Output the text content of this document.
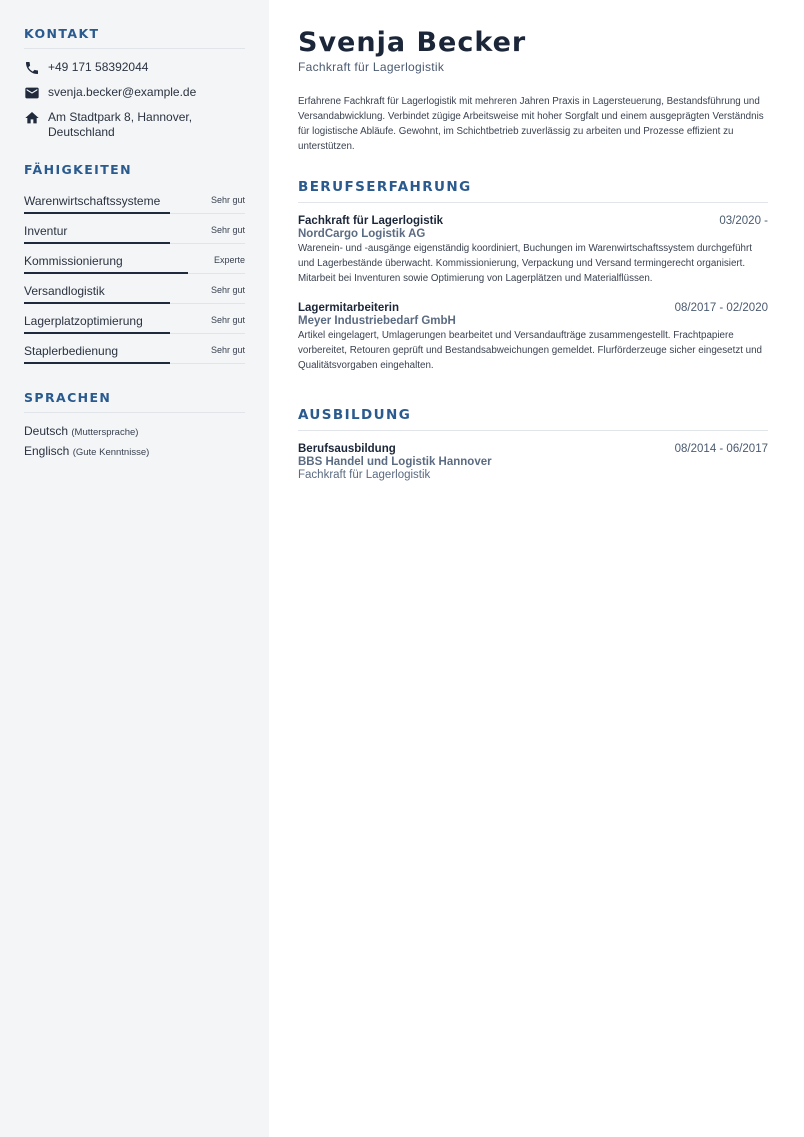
KONTAKT
+49 171 58392044
svenja.becker@example.de
Am Stadtpark 8, Hannover, Deutschland
FÄHIGKEITEN
Warenwirtschaftssysteme	Sehr gut
Inventur	Sehr gut
Kommissionierung	Experte
Versandlogistik	Sehr gut
Lagerplatzoptimierung	Sehr gut
Staplerbedienung	Sehr gut
SPRACHEN
Deutsch (Muttersprache)
Englisch (Gute Kenntnisse)
Svenja Becker
Fachkraft für Lagerlogistik

Erfahrene Fachkraft für Lagerlogistik mit mehreren Jahren Praxis in Lagersteuerung, Bestandsführung und Versandabwicklung. Verbindet zügige Arbeitsweise mit hoher Sorgfalt und einem ausgeprägten Verständnis für logistische Abläufe. Gewohnt, im Schichtbetrieb zuverlässig zu arbeiten und Prozesse effizient zu unterstützen.

BERUFSERFAHRUNG
Fachkraft für Lagerlogistik	03/2020 -
NordCargo Logistik AG

Warenein- und -ausgänge eigenständig koordiniert, Buchungen im Warenwirtschaftssystem durchgeführt und Lagerbestände überwacht. Kommissionierung, Verpackung und Versand termingerecht organisiert. Mitarbeit bei Inventuren sowie Optimierung von Lagerplätzen und Materialflüssen.

Lagermitarbeiterin	08/2017 - 02/2020
Meyer Industriebedarf GmbH

Artikel eingelagert, Umlagerungen bearbeitet und Versandaufträge zusammengestellt. Frachtpapiere vorbereitet, Retouren geprüft und Bestandsabweichungen gemeldet. Flurförderzeuge sicher eingesetzt und Qualitätsvorgaben eingehalten.

AUSBILDUNG
Berufsausbildung	08/2014 - 06/2017
BBS Handel und Logistik Hannover
Fachkraft für Lagerlogistik
